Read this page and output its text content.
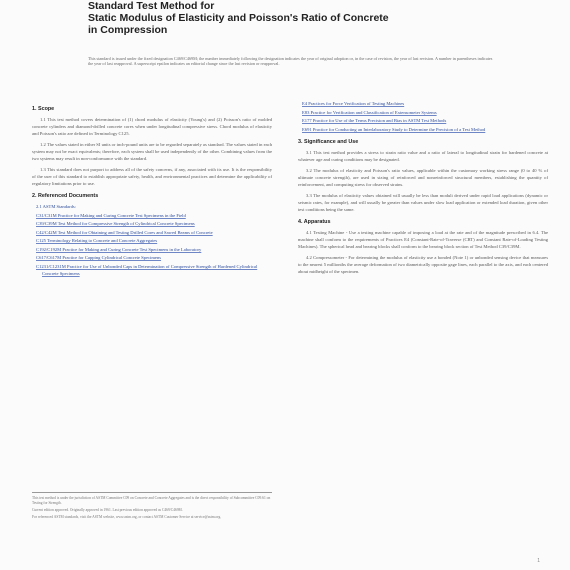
Standard Test Method for
Static Modulus of Elasticity and Poisson's Ratio of Concrete
in Compression
This standard is issued under the fixed designation C469/C469M; the number immediately following the designation indicates the year of original adoption or, in the case of revision, the year of last revision. A number in parentheses indicates the year of last reapproval. A superscript epsilon indicates an editorial change since the last revision or reapproval.
1. Scope

1.1 This test method covers determination of (1) chord modulus of elasticity (Young's) and (2) Poisson's ratio of molded concrete cylinders and diamond-drilled concrete cores when under longitudinal compressive stress. Chord modulus of elasticity and Poisson's ratio are defined in Terminology C125.

1.2 The values stated in either SI units or inch-pound units are to be regarded separately as standard. The values stated in each system may not be exact equivalents; therefore, each system shall be used independently of the other. Combining values from the two systems may result in non-conformance with the standard.

1.3 This standard does not purport to address all of the safety concerns, if any, associated with its use. It is the responsibility of the user of this standard to establish appropriate safety, health, and environmental practices and determine the applicability of regulatory limitations prior to use.

2. Referenced Documents
2.1 ASTM Standards:
C31/C31M Practice for Making and Curing Concrete Test Specimens in the Field
C39/C39M Test Method for Compressive Strength of Cylindrical Concrete Specimens
C42/C42M Test Method for Obtaining and Testing Drilled Cores and Sawed Beams of Concrete
C125 Terminology Relating to Concrete and Concrete Aggregates
C192/C192M Practice for Making and Curing Concrete Test Specimens in the Laboratory
C617/C617M Practice for Capping Cylindrical Concrete Specimens
C1231/C1231M Practice for Use of Unbonded Caps in Determination of Compressive Strength of Hardened Cylindrical Concrete Specimens

This test method is under the jurisdiction of ASTM Committee C09 on Concrete and Concrete Aggregates and is the direct responsibility of Subcommittee C09.61 on Testing for Strength.

Current edition approved. Originally approved in 1961. Last previous edition approved as C469/C469M.

For referenced ASTM standards, visit the ASTM website, www.astm.org, or contact ASTM Customer Service at service@astm.org.

E4 Practices for Force Verification of Testing Machines
E83 Practice for Verification and Classification of Extensometer Systems
E177 Practice for Use of the Terms Precision and Bias in ASTM Test Methods
E691 Practice for Conducting an Interlaboratory Study to Determine the Precision of a Test Method
3. Significance and Use

3.1 This test method provides a stress to strain ratio value and a ratio of lateral to longitudinal strain for hardened concrete at whatever age and curing conditions may be designated.

3.2 The modulus of elasticity and Poisson's ratio values, applicable within the customary working stress range (0 to 40 % of ultimate concrete strength), are used in sizing of reinforced and nonreinforced structural members, establishing the quantity of reinforcement, and computing stress for observed strains.

3.3 The modulus of elasticity values obtained will usually be less than moduli derived under rapid load applications (dynamic or seismic rates, for example), and will usually be greater than values under slow load application or extended load duration, given other test conditions being the same.

4. Apparatus

4.1 Testing Machine - Use a testing machine capable of imposing a load at the rate and of the magnitude prescribed in 6.4. The machine shall conform to the requirements of Practices E4 (Constant-Rate-of-Traverse (CRT) and Constant Rate-of-Loading Testing Machines). The spherical head and bearing blocks shall conform to the bearing block section of Test Method C39/C39M.

4.2 Compressometer - For determining the modulus of elasticity use a bonded (Note 1) or unbonded sensing device that measures to the nearest 5 millionths the average deformation of two diametrically opposite gage lines, each parallel to the axis, and each centered about midheight of the specimen.

1
